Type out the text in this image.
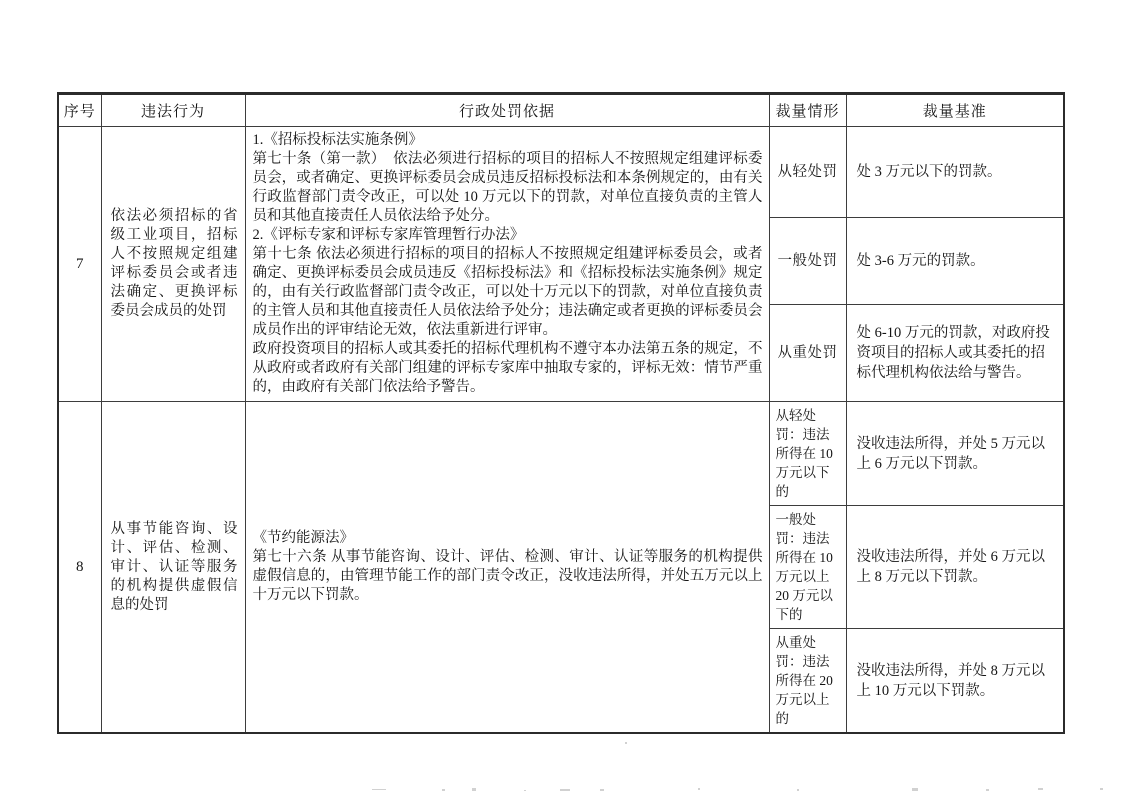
序号	违法行为	行政处罚依据	裁量情形	裁量基准
7	依法必须招标的省级工业项目，招标人不按照规定组建评标委员会或者违法确定、更换评标委员会成员的处罚	1.《招标投标法实施条例》
第七十条（第一款）　依法必须进行招标的项目的招标人不按照规定组建评标委员会，或者确定、更换评标委员会成员违反招标投标法和本条例规定的，由有关行政监督部门责令改正，可以处 10 万元以下的罚款，对单位直接负责的主管人员和其他直接责任人员依法给予处分。
2.《评标专家和评标专家库管理暂行办法》
第十七条 依法必须进行招标的项目的招标人不按照规定组建评标委员会，或者确定、更换评标委员会成员违反《招标投标法》和《招标投标法实施条例》规定的，由有关行政监督部门责令改正，可以处十万元以下的罚款，对单位直接负责的主管人员和其他直接责任人员依法给予处分；违法确定或者更换的评标委员会成员作出的评审结论无效，依法重新进行评审。
政府投资项目的招标人或其委托的招标代理机构不遵守本办法第五条的规定，不从政府或者政府有关部门组建的评标专家库中抽取专家的，评标无效：情节严重的，由政府有关部门依法给予警告。	从轻处罚	处 3 万元以下的罚款。
			一般处罚	处 3-6 万元的罚款。
			从重处罚	处 6-10 万元的罚款，对政府投资项目的招标人或其委托的招标代理机构依法给与警告。
8	从事节能咨询、设计、评估、检测、审计、认证等服务的机构提供虚假信息的处罚	《节约能源法》
第七十六条 从事节能咨询、设计、评估、检测、审计、认证等服务的机构提供虚假信息的，由管理节能工作的部门责令改正，没收违法所得，并处五万元以上十万元以下罚款。	从轻处罚：违法所得在 10 万元以下的	没收违法所得，并处 5 万元以上 6 万元以下罚款。
			一般处罚：违法所得在 10 万元以上 20 万元以下的	没收违法所得，并处 6 万元以上 8 万元以下罚款。
			从重处罚：违法所得在 20 万元以上的	没收违法所得，并处 8 万元以上 10 万元以下罚款。
